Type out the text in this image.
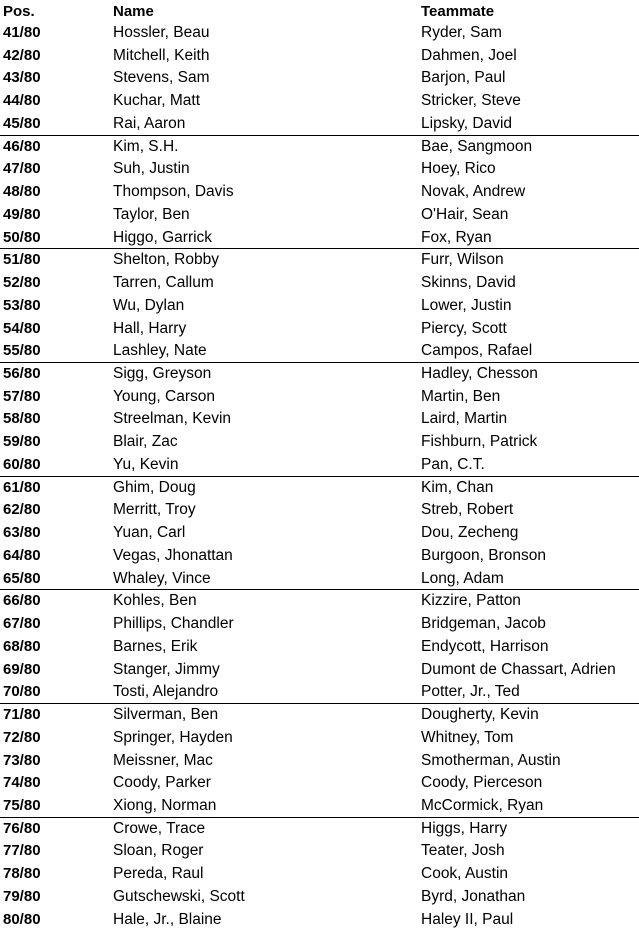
Pos.	Name	Teammate
41/80	Hossler, Beau	Ryder, Sam
42/80	Mitchell, Keith	Dahmen, Joel
43/80	Stevens, Sam	Barjon, Paul
44/80	Kuchar, Matt	Stricker, Steve
45/80	Rai, Aaron	Lipsky, David
46/80	Kim, S.H.	Bae, Sangmoon
47/80	Suh, Justin	Hoey, Rico
48/80	Thompson, Davis	Novak, Andrew
49/80	Taylor, Ben	O'Hair, Sean
50/80	Higgo, Garrick	Fox, Ryan
51/80	Shelton, Robby	Furr, Wilson
52/80	Tarren, Callum	Skinns, David
53/80	Wu, Dylan	Lower, Justin
54/80	Hall, Harry	Piercy, Scott
55/80	Lashley, Nate	Campos, Rafael
56/80	Sigg, Greyson	Hadley, Chesson
57/80	Young, Carson	Martin, Ben
58/80	Streelman, Kevin	Laird, Martin
59/80	Blair, Zac	Fishburn, Patrick
60/80	Yu, Kevin	Pan, C.T.
61/80	Ghim, Doug	Kim, Chan
62/80	Merritt, Troy	Streb, Robert
63/80	Yuan, Carl	Dou, Zecheng
64/80	Vegas, Jhonattan	Burgoon, Bronson
65/80	Whaley, Vince	Long, Adam
66/80	Kohles, Ben	Kizzire, Patton
67/80	Phillips, Chandler	Bridgeman, Jacob
68/80	Barnes, Erik	Endycott, Harrison
69/80	Stanger, Jimmy	Dumont de Chassart, Adrien
70/80	Tosti, Alejandro	Potter, Jr., Ted
71/80	Silverman, Ben	Dougherty, Kevin
72/80	Springer, Hayden	Whitney, Tom
73/80	Meissner, Mac	Smotherman, Austin
74/80	Coody, Parker	Coody, Pierceson
75/80	Xiong, Norman	McCormick, Ryan
76/80	Crowe, Trace	Higgs, Harry
77/80	Sloan, Roger	Teater, Josh
78/80	Pereda, Raul	Cook, Austin
79/80	Gutschewski, Scott	Byrd, Jonathan
80/80	Hale, Jr., Blaine	Haley II, Paul
